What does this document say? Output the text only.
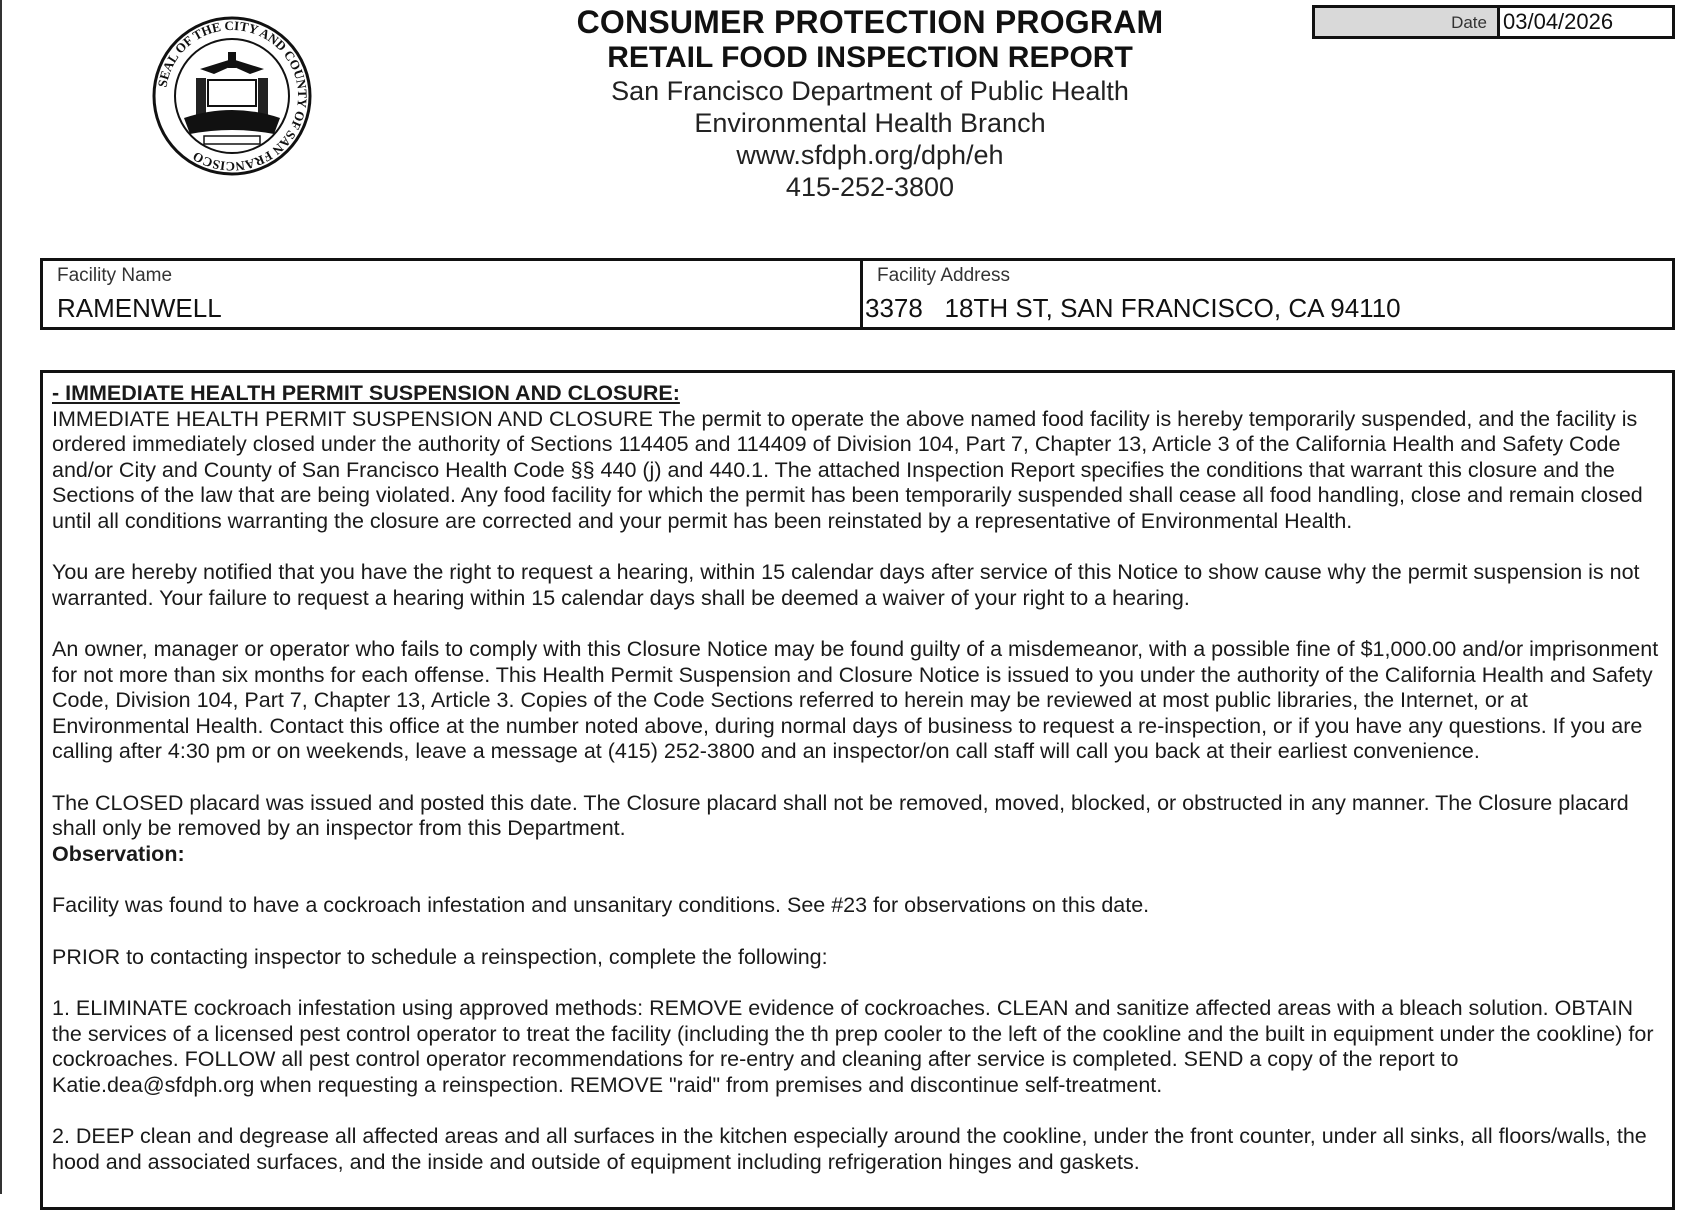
SEAL OF THE CITY AND COUNTY OF SAN FRANCISCO
CONSUMER PROTECTION PROGRAM
RETAIL FOOD INSPECTION REPORT
San Francisco Department of Public Health
Environmental Health Branch
www.sfdph.org/dph/eh
415-252-3800
Date 03/04/2026
Facility Name
RAMENWELL
Facility Address
3378   18TH ST, SAN FRANCISCO, CA 94110

- IMMEDIATE HEALTH PERMIT SUSPENSION AND CLOSURE:

IMMEDIATE HEALTH PERMIT SUSPENSION AND CLOSURE The permit to operate the above named food facility is hereby temporarily suspended, and the facility is ordered immediately closed under the authority of Sections 114405 and 114409 of Division 104, Part 7, Chapter 13, Article 3 of the California Health and Safety Code and/or City and County of San Francisco Health Code §§ 440 (j) and 440.1. The attached Inspection Report specifies the conditions that warrant this closure and the Sections of the law that are being violated. Any food facility for which the permit has been temporarily suspended shall cease all food handling, close and remain closed until all conditions warranting the closure are corrected and your permit has been reinstated by a representative of Environmental Health.

You are hereby notified that you have the right to request a hearing, within 15 calendar days after service of this Notice to show cause why the permit suspension is not warranted. Your failure to request a hearing within 15 calendar days shall be deemed a waiver of your right to a hearing.

An owner, manager or operator who fails to comply with this Closure Notice may be found guilty of a misdemeanor, with a possible fine of $1,000.00 and/or imprisonment for not more than six months for each offense. This Health Permit Suspension and Closure Notice is issued to you under the authority of the California Health and Safety Code, Division 104, Part 7, Chapter 13, Article 3. Copies of the Code Sections referred to herein may be reviewed at most public libraries, the Internet, or at Environmental Health. Contact this office at the number noted above, during normal days of business to request a re-inspection, or if you have any questions. If you are calling after 4:30 pm or on weekends, leave a message at (415) 252-3800 and an inspector/on call staff will call you back at their earliest convenience.

The CLOSED placard was issued and posted this date. The Closure placard shall not be removed, moved, blocked, or obstructed in any manner. The Closure placard shall only be removed by an inspector from this Department.

Observation:

Facility was found to have a cockroach infestation and unsanitary conditions. See #23 for observations on this date.

PRIOR to contacting inspector to schedule a reinspection, complete the following:

1. ELIMINATE cockroach infestation using approved methods: REMOVE evidence of cockroaches. CLEAN and sanitize affected areas with a bleach solution. OBTAIN the services of a licensed pest control operator to treat the facility (including the th prep cooler to the left of the cookline and the built in equipment under the cookline) for cockroaches. FOLLOW all pest control operator recommendations for re-entry and cleaning after service is completed. SEND a copy of the report to Katie.dea@sfdph.org when requesting a reinspection. REMOVE "raid" from premises and discontinue self-treatment.

2. DEEP clean and degrease all affected areas and all surfaces in the kitchen especially around the cookline, under the front counter, under all sinks, all floors/walls, the hood and associated surfaces, and the inside and outside of equipment including refrigeration hinges and gaskets.
